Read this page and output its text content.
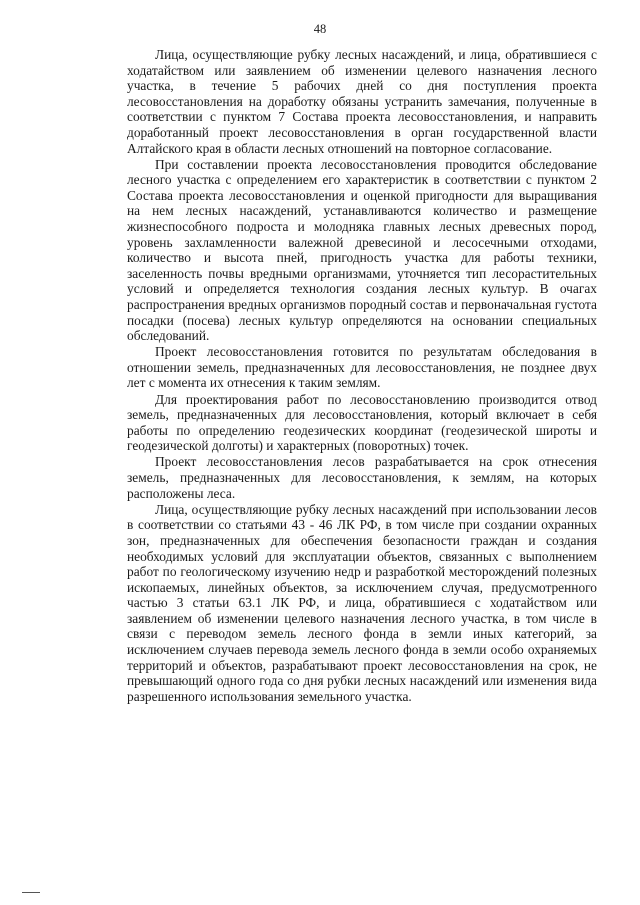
48

Лица, осуществляющие рубку лесных насаждений, и лица, обратившиеся с ходатайством или заявлением об изменении целевого назначения лесного участка, в течение 5 рабочих дней со дня поступления проекта лесовосстановления на доработку обязаны устранить замечания, полученные в соответствии с пунктом 7 Состава проекта лесовосстановления, и направить доработанный проект лесовосстановления в орган государственной власти Алтайского края в области лесных отношений на повторное согласование.

При составлении проекта лесовосстановления проводится обследование лесного участка с определением его характеристик в соответствии с пунктом 2 Состава проекта лесовосстановления и оценкой пригодности для выращивания на нем лесных насаждений, устанавливаются количество и размещение жизнеспособного подроста и молодняка главных лесных древесных пород, уровень захламленности валежной древесиной и лесосечными отходами, количество и высота пней, пригодность участка для работы техники, заселенность почвы вредными организмами, уточняется тип лесорастительных условий и определяется технология создания лесных культур. В очагах распространения вредных организмов породный состав и первоначальная густота посадки (посева) лесных культур определяются на основании специальных обследований.

Проект лесовосстановления готовится по результатам обследования в отношении земель, предназначенных для лесовосстановления, не позднее двух лет с момента их отнесения к таким землям.

Для проектирования работ по лесовосстановлению производится отвод земель, предназначенных для лесовосстановления, который включает в себя работы по определению геодезических координат (геодезической широты и геодезической долготы) и характерных (поворотных) точек.

Проект лесовосстановления лесов разрабатывается на срок отнесения земель, предназначенных для лесовосстановления, к землям, на которых расположены леса.

Лица, осуществляющие рубку лесных насаждений при использовании лесов в соответствии со статьями 43 - 46 ЛК РФ, в том числе при создании охранных зон, предназначенных для обеспечения безопасности граждан и создания необходимых условий для эксплуатации объектов, связанных с выполнением работ по геологическому изучению недр и разработкой месторождений полезных ископаемых, линейных объектов, за исключением случая, предусмотренного частью 3 статьи 63.1 ЛК РФ, и лица, обратившиеся с ходатайством или заявлением об изменении целевого назначения лесного участка, в том числе в связи с переводом земель лесного фонда в земли иных категорий, за исключением случаев перевода земель лесного фонда в земли особо охраняемых территорий и объектов, разрабатывают проект лесовосстановления на срок, не превышающий одного года со дня рубки лесных насаждений или изменения вида разрешенного использования земельного участка.
